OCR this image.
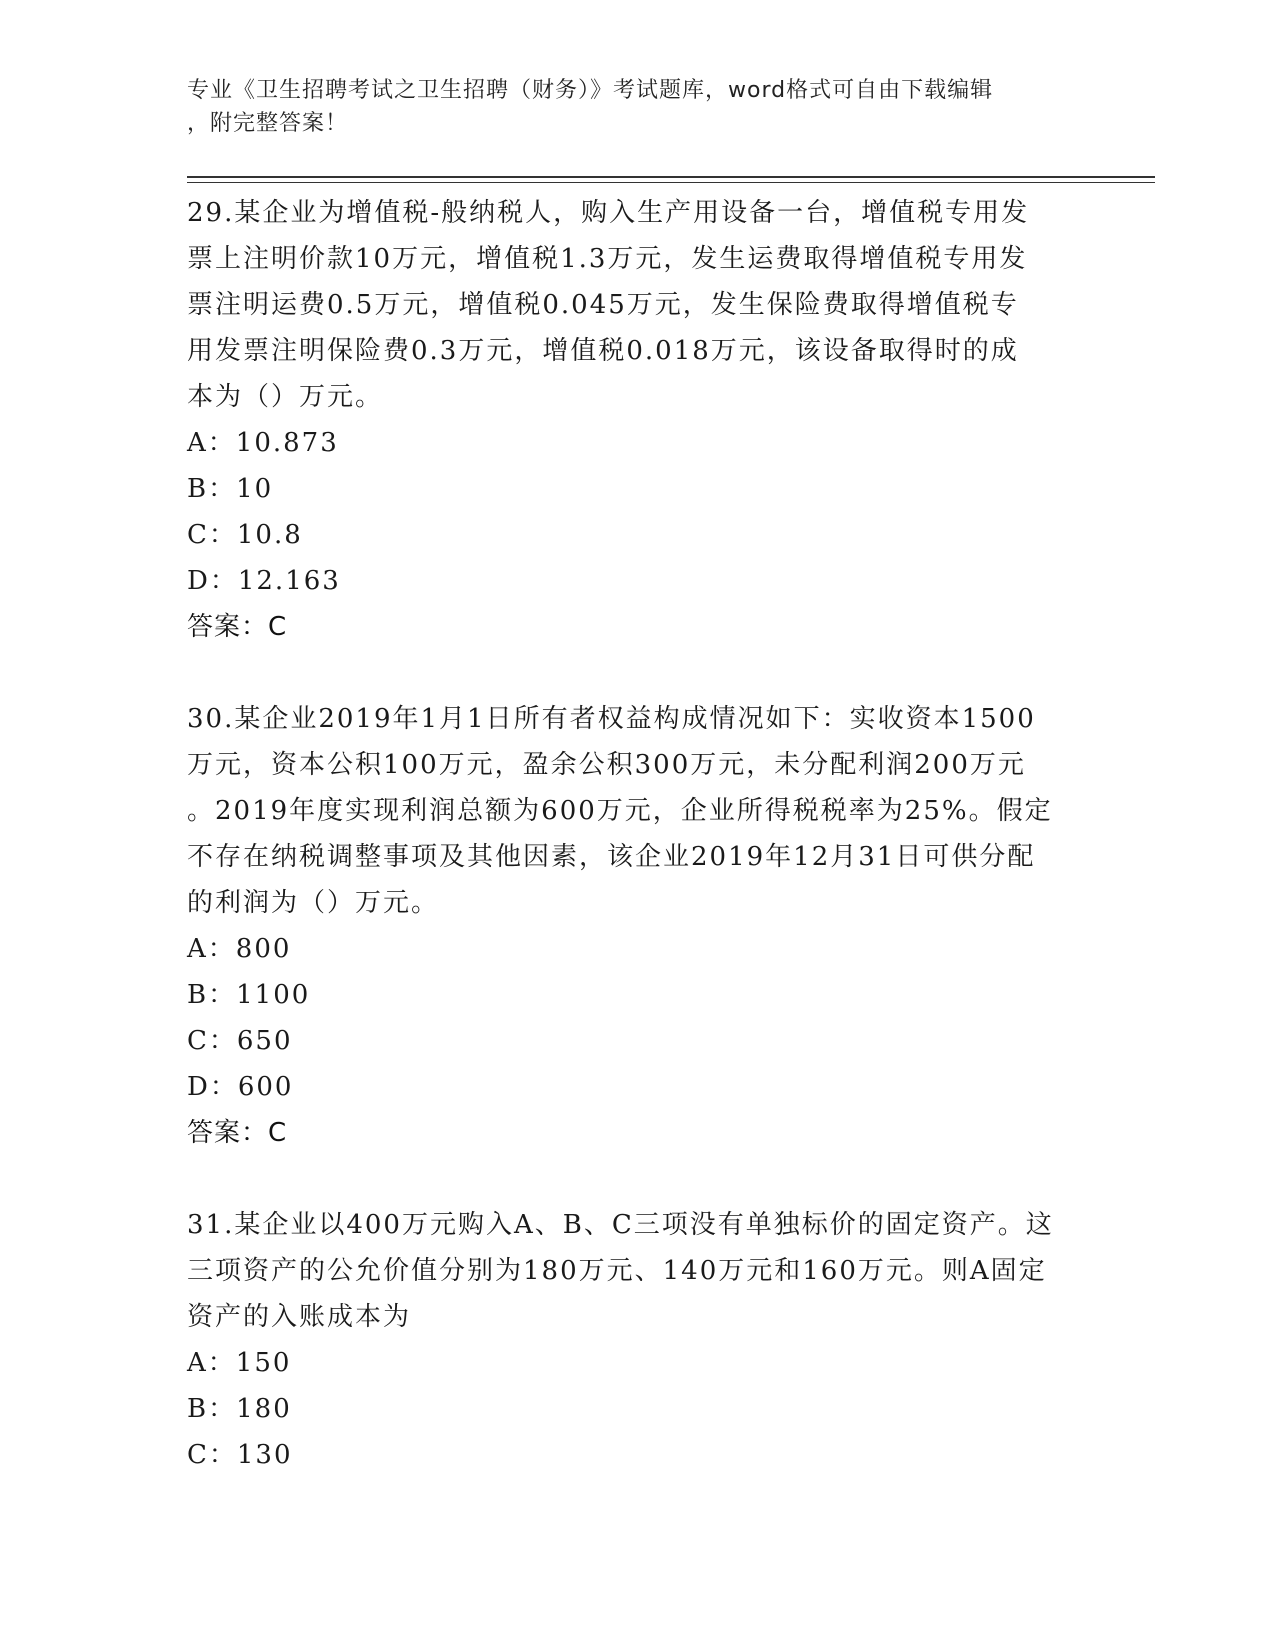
专业《卫生招聘考试之卫生招聘（财务）》考试题库，word格式可自由下载编辑

，附完整答案！

29.某企业为增值税-般纳税人，购入生产用设备一台，增值税专用发

票上注明价款10万元，增值税1.3万元，发生运费取得增值税专用发

票注明运费0.5万元，增值税0.045万元，发生保险费取得增值税专

用发票注明保险费0.3万元，增值税0.018万元，该设备取得时的成

本为（）万元。

A：10.873

B：10

C：10.8

D：12.163

答案：C

30.某企业2019年1月1日所有者权益构成情况如下：实收资本1500

万元，资本公积100万元，盈余公积300万元，未分配利润200万元

。2019年度实现利润总额为600万元，企业所得税税率为25%。假定

不存在纳税调整事项及其他因素，该企业2019年12月31日可供分配

的利润为（）万元。

A：800

B：1100

C：650

D：600

答案：C

31.某企业以400万元购入A、B、C三项没有单独标价的固定资产。这

三项资产的公允价值分别为180万元、140万元和160万元。则A固定

资产的入账成本为

A：150

B：180

C：130
